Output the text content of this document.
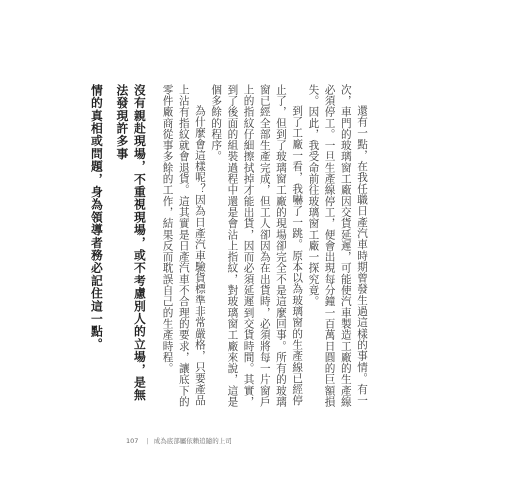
還有一點，在我任職日產汽車時期曾發生過這樣的事情。有一次，車門的玻璃窗工廠因交貨延遲，可能使汽車製造工廠的生產線必須停工。一旦生產線停工，便會出現每分鐘一百萬日圓的巨額損失。因此，我受命前往玻璃窗工廠一探究竟。

到了工廠一看，我嚇了一跳。原本以為玻璃窗的生產線已經停止了，但到了玻璃窗工廠的現場卻完全不是這麼回事。所有的玻璃窗已經全部生產完成，但工人卻因為在出貨時，必須將每一片窗戶上的指紋仔細擦拭掉才能出貨，因而必須延遲到交貨時間。其實，到了後面的組裝過程中還是會沾上指紋，對玻璃窗工廠來說，這是個多餘的程序。

為什麼會這樣呢？因為日產汽車驗貨標準非常嚴格，只要產品上沾有指紋就會退貨。這其實是日產汽車不合理的要求，讓底下的零件廠商從事多餘的工作，結果反而耽誤自己的生產時程。

沒有親赴現場，不重視現場，或不考慮別人的立場，是無法發現許多事

情的真相或問題，身為領導者務必記住這一點。

107 | 成為底部屬依賴追隨的上司
